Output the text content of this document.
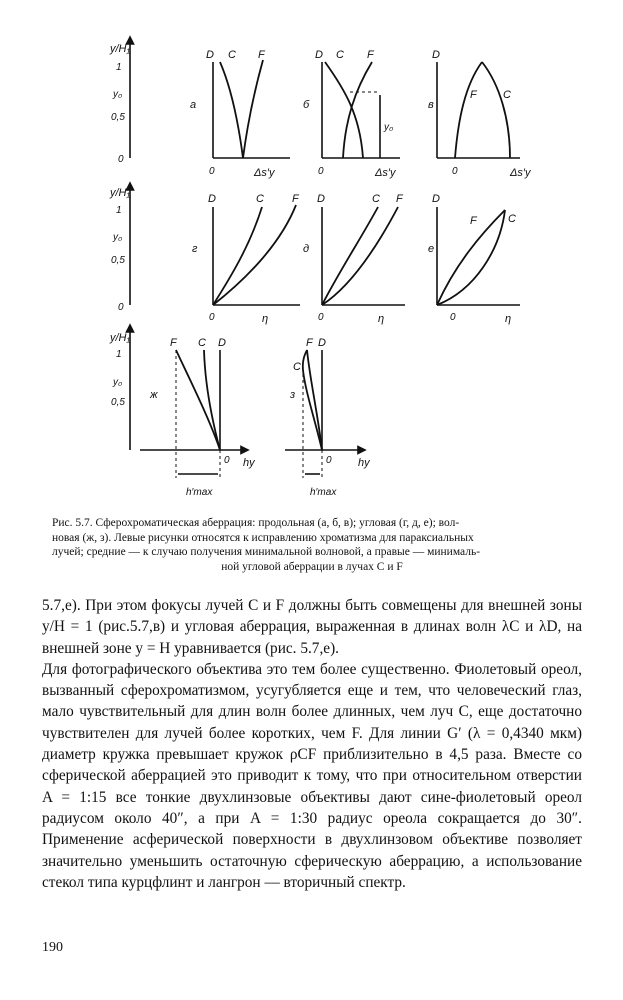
y/H₁
1
y₀
0,5
0
D C F
а
0	Δs′y
D C F
б
y₀
0	Δs′y
D
F C
в
0	Δs′y
y/H₁
1
y₀
0,5
0
D	C	F
г
0	η
D	C F
д
0	η
D
F	C
е
0	η
y/H₁
1
y₀
0,5
F C D
ж
0 hy
h′max
C
F D
з
0 hy
h′max
Рис. 5.7. Сферохроматическая аберрация: продольная (а, б, в); угловая (г, д, е); вол-
новая (ж, з). Левые рисунки относятся к исправлению хроматизма для параксиальных
лучей; средние — к случаю получения минимальной волновой, а правые — минималь-
ной угловой аберрации в лучах C и F

5.7,е). При этом фокусы лучей C и F должны быть совмещены для внешней зоны y/H = 1 (рис.5.7,в) и угловая аберрация, выраженная в длинах волн λC и λD, на внешней зоне y = H уравнивается (рис. 5.7,е).

Для фотографического объектива это тем более существенно. Фиолетовый ореол, вызванный сферохроматизмом, усугубляется еще и тем, что человеческий глаз, мало чувствительный для длин волн более длинных, чем луч C, еще достаточно чувствителен для лучей более коротких, чем F. Для линии G′ (λ = 0,4340 мкм) диаметр кружка превышает кружок ρCF приблизительно в 4,5 раза. Вместе со сферической аберрацией это приводит к тому, что при относительном отверстии A = 1:15 все тонкие двухлинзовые объективы дают сине-фиолетовый ореол радиусом около 40″, а при A = 1:30 радиус ореола сокращается до 30″. Применение асферической поверхности в двухлинзовом объективе позволяет значительно уменьшить остаточную сферическую аберрацию, а использование стекол типа курцфлинт и лангрон — вторичный спектр.

190
